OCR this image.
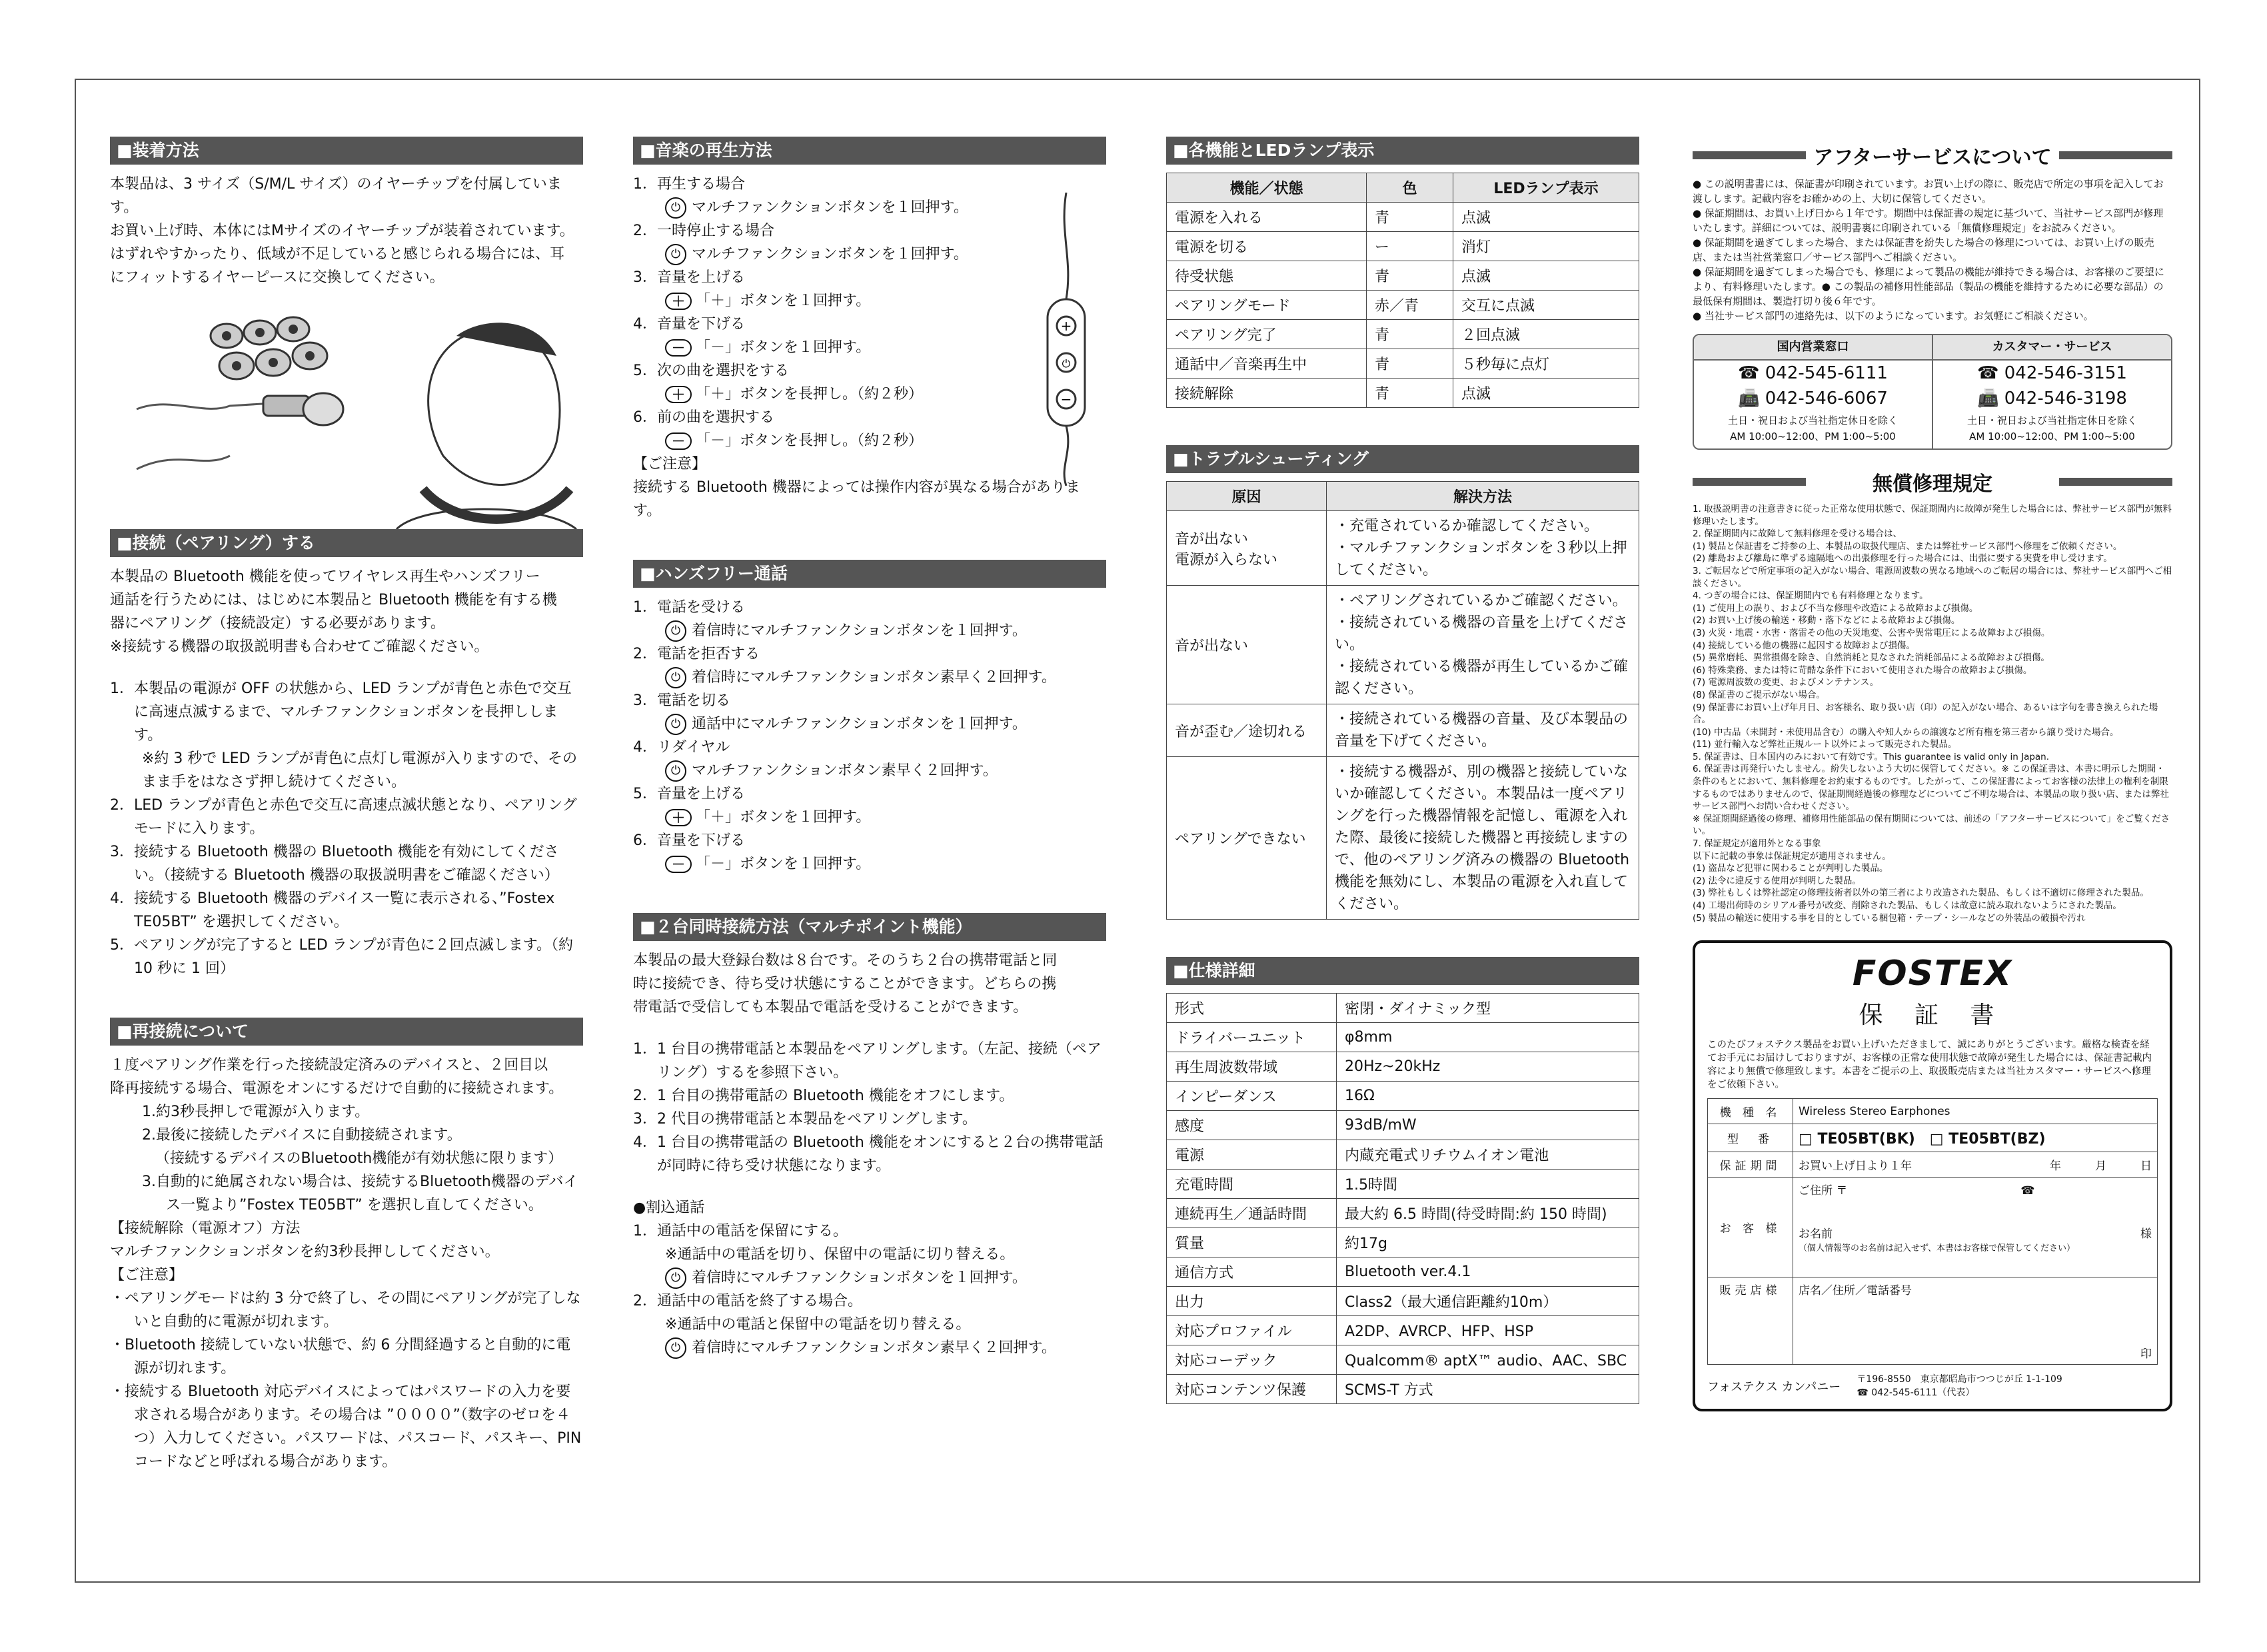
■装着方法
本製品は、3 サイズ（S/M/L サイズ）のイヤーチップを付属しています。
お買い上げ時、本体にはMサイズのイヤーチップが装着されています。
はずれやすかったり、低域が不足していると感じられる場合には、耳
にフィットするイヤーピースに交換してください。
■接続（ペアリング）する
本製品の Bluetooth 機能を使ってワイヤレス再生やハンズフリー
通話を行うためには、はじめに本製品と Bluetooth 機能を有する機
器にペアリング（接続設定）する必要があります。
※接続する機器の取扱説明書も合わせてご確認ください。
1．本製品の電源が OFF の状態から、LED ランプが青色と赤色で交互に高速点滅するまで、マルチファンクションボタンを長押しします。
※約 3 秒で LED ランプが青色に点灯し電源が入りますので、そのまま手をはなさず押し続けてください。
2．LED ランプが青色と赤色で交互に高速点滅状態となり、ペアリングモードに入ります。
3．接続する Bluetooth 機器の Bluetooth 機能を有効にしてください。（接続する Bluetooth 機器の取扱説明書をご確認ください）
4．接続する Bluetooth 機器のデバイス一覧に表示される、”Fostex TE05BT” を選択してください。
5．ペアリングが完了すると LED ランプが青色に２回点滅します。（約 10 秒に 1 回）
■再接続について
１度ペアリング作業を行った接続設定済みのデバイスと、２回目以
降再接続する場合、電源をオンにするだけで自動的に接続されます。
1.約3秒長押しで電源が入ります。
2.最後に接続したデバイスに自動接続されます。
（接続するデバイスのBluetooth機能が有効状態に限ります）
3.自動的に絶属されない場合は、接続するBluetooth機器のデバイス一覧より”Fostex TE05BT” を選択し直してください。
【接続解除（電源オフ）方法
マルチファンクションボタンを約3秒長押ししてください。
【ご注意】
・ペアリングモードは約 3 分で終了し、その間にペアリングが完了しないと自動的に電源が切れます。
・Bluetooth 接続していない状態で、約 6 分間経過すると自動的に電源が切れます。
・接続する Bluetooth 対応デバイスによってはパスワードの入力を要求される場合があります。その場合は ”００００”（数字のゼロを４つ）入力してください。パスワードは、パスコード、パスキー、PIN コードなどと呼ばれる場合があります。
■音楽の再生方法
1．再生する場合
⏻ マルチファンクションボタンを１回押す。
2．一時停止する場合
⏻ マルチファンクションボタンを１回押す。
3．音量を上げる
＋ 「＋」ボタンを１回押す。
4．音量を下げる
－ 「－」ボタンを１回押す。
5．次の曲を選択をする
＋ 「＋」ボタンを長押し。（約２秒）
6．前の曲を選択する
－ 「－」ボタンを長押し。（約２秒）
+
⏻
−
【ご注意】
接続する Bluetooth 機器によっては操作内容が異なる場合があります。
■ハンズフリー通話
1．電話を受ける
⏻ 着信時にマルチファンクションボタンを１回押す。
2．電話を拒否する
⏻ 着信時にマルチファンクションボタン素早く２回押す。
3．電話を切る
⏻ 通話中にマルチファンクションボタンを１回押す。
4．リダイヤル
⏻ マルチファンクションボタン素早く２回押す。
5．音量を上げる
＋ 「＋」ボタンを１回押す。
6．音量を下げる
－ 「－」ボタンを１回押す。
■２台同時接続方法（マルチポイント機能）
本製品の最大登録台数は８台です。そのうち２台の携帯電話と同
時に接続でき、待ち受け状態にすることができます。どちらの携
帯電話で受信しても本製品で電話を受けることができます。
1．1 台目の携帯電話と本製品をペアリングします。（左記、接続（ペアリング）するを参照下さい。
2．1 台目の携帯電話の Bluetooth 機能をオフにします。
3．2 代目の携帯電話と本製品をペアリングします。
4．1 台目の携帯電話の Bluetooth 機能をオンにすると２台の携帯電話が同時に待ち受け状態になります。
●割込通話
1．通話中の電話を保留にする。
※通話中の電話を切り、保留中の電話に切り替える。
⏻ 着信時にマルチファンクションボタンを１回押す。
2．通話中の電話を終了する場合。
※通話中の電話と保留中の電話を切り替える。
⏻ 着信時にマルチファンクションボタン素早く２回押す。
■各機能とLEDランプ表示
機能／状態	色	LEDランプ表示
電源を入れる	青	点滅
電源を切る	ー	消灯
待受状態	青	点滅
ペアリングモード	赤／青	交互に点滅
ペアリング完了	青	２回点滅
通話中／音楽再生中	青	５秒毎に点灯
接続解除	青	点滅
■トラブルシューティング
原因	解決方法
音が出ない
電源が入らない	・充電されているか確認してください。
・マルチファンクションボタンを３秒以上押してください。
音が出ない	・ペアリングされているかご確認ください。
・接続されている機器の音量を上げてください。
・接続されている機器が再生しているかご確認ください。
音が歪む／途切れる	・接続されている機器の音量、及び本製品の音量を下げてください。
ペアリングできない	・接続する機器が、別の機器と接続していないか確認してください。本製品は一度ペアリングを行った機器情報を記憶し、電源を入れた際、最後に接続した機器と再接続しますので、他のペアリング済みの機器の Bluetooth 機能を無効にし、本製品の電源を入れ直してください。
■仕様詳細
形式	密閉・ダイナミック型
ドライバーユニット	φ8mm
再生周波数帯域	20Hz~20kHz
インピーダンス	16Ω
感度	93dB/mW
電源	内蔵充電式リチウムイオン電池
充電時間	1.5時間
連続再生／通話時間	最大約 6.5 時間(待受時間:約 150 時間)
質量	約17g
通信方式	Bluetooth ver.4.1
出力	Class2（最大通信距離約10m）
対応プロファイル	A2DP、AVRCP、HFP、HSP
対応コーデック	Qualcomm® aptX™ audio、AAC、SBC
対応コンテンツ保護	SCMS-T 方式
アフターサービスについて
● この説明書書には、保証書が印刷されています。お買い上げの際に、販売店で所定の事項を記入してお渡しします。記載内容をお確かめの上、大切に保管してください。
● 保証期間は、お買い上げ日から１年です。期間中は保証書の規定に基づいて、当社サービス部門が修理いたします。詳細については、説明書裏に印刷されている「無償修理規定」をお読みください。
● 保証期間を過ぎてしまった場合、または保証書を紛失した場合の修理については、お買い上げの販売店、または当社営業窓口／サービス部門へご相談ください。
● 保証期間を過ぎてしまった場合でも、修理によって製品の機能が維持できる場合は、お客様のご要望により、有料修理いたします。● この製品の補修用性能部品（製品の機能を維持するために必要な部品）の最低保有期間は、製造打切り後６年です。
● 当社サービス部門の連絡先は、以下のようになっています。お気軽にご相談ください。
国内営業窓口
☎ 042-545-6111
📠 042-546-6067
土日・祝日および当社指定休日を除く
AM 10:00~12:00、PM 1:00~5:00
カスタマー・サービス
☎ 042-546-3151
📠 042-546-3198
土日・祝日および当社指定休日を除く
AM 10:00~12:00、PM 1:00~5:00
無償修理規定
1. 取扱説明書の注意書きに従った正常な使用状態で、保証期間内に故障が発生した場合には、弊社サービス部門が無料修理いたします。
2. 保証期間内に故障して無料修理を受ける場合は、
(1) 製品と保証書をご持参の上、本製品の取扱代理店、または弊社サービス部門へ修理をご依頼ください。
(2) 離島および離島に準ずる遠隔地への出張修理を行った場合には、出張に要する実費を申し受けます。
3. ご転居などで所定事項の記入がない場合、電源周波数の異なる地域へのご転居の場合には、弊社サービス部門へご相談ください。
4. つぎの場合には、保証期間内でも有料修理となります。
(1) ご使用上の誤り、および不当な修理や改造による故障および損傷。
(2) お買い上げ後の輸送・移動・落下などによる故障および損傷。
(3) 火災・地震・水害・落雷その他の天災地変、公害や異常電圧による故障および損傷。
(4) 接続している他の機器に起因する故障および損傷。
(5) 異常磨耗、異常損傷を除き、自然消耗と見なされた消耗部品による故障および損傷。
(6) 特殊業務、または特に苛酷な条件下において使用された場合の故障および損傷。
(7) 電源周波数の変更、およびメンテナンス。
(8) 保証書のご提示がない場合。
(9) 保証書にお買い上げ年月日、お客様名、取り扱い店（印）の記入がない場合、あるいは字句を書き換えられた場合。
(10) 中古品（未開封・未使用品含む）の購入や知人からの譲渡など所有権を第三者から譲り受けた場合。
(11) 並行輸入など弊社正規ルート以外によって販売された製品。
5. 保証書は、日本国内のみにおいて有効です。This guarantee is valid only in Japan.
6. 保証書は再発行いたしません。紛失しないよう大切に保管してください。※ この保証書は、本書に明示した期間・条件のもとにおいて、無料修理をお約束するものです。したがって、この保証書によってお客様の法律上の権利を制限するものではありませんので、保証期間経過後の修理などについてご不明な場合は、本製品の取り扱い店、または弊社サービス部門へお問い合わせください。
※ 保証期間経過後の修理、補修用性能部品の保有期間については、前述の「アフターサービスについて」をご覧ください。
7. 保証規定が適用外となる事象
以下に記載の事象は保証規定が適用されません。
(1) 盗品など犯罪に関わることが判明した製品。
(2) 法令に違反する使用が判明した製品。
(3) 弊社もしくは弊社認定の修理技術者以外の第三者により改造された製品、もしくは不適切に修理された製品。
(4) 工場出荷時のシリアル番号が改変、削除された製品、もしくは故意に読み取れないようにされた製品。
(5) 製品の輸送に使用する事を目的としている梱包箱・テープ・シールなどの外装品の破損や汚れ
FOSTEX
保 証 書
このたびフォステクス製品をお買い上げいただきまして、誠にありがとうございます。厳格な検査を経てお手元にお届けしておりますが、お客様の正常な使用状態で故障が発生した場合には、保証書記載内容により無償で修理致します。本書をご提示の上、取扱販売店または当社カスタマー・サービスへ修理をご依頼下さい。
機 種 名	Wireless Stereo Earphones
型　番	□ TE05BT(BK)　□ TE05BT(BZ)
保証期間	お買い上げ日より１年 年　　　月　　　日

お 客 様	ご住所 〒 ☎
お名前 様
（個人情報等のお名前は記入せず、本書はお客様で保管してください）

販売店様	店名／住所／電話番号
印
フォステクス カンパニー
〒196-8550　東京都昭島市つつじが丘 1-1-109
☎ 042-545-6111（代表）
